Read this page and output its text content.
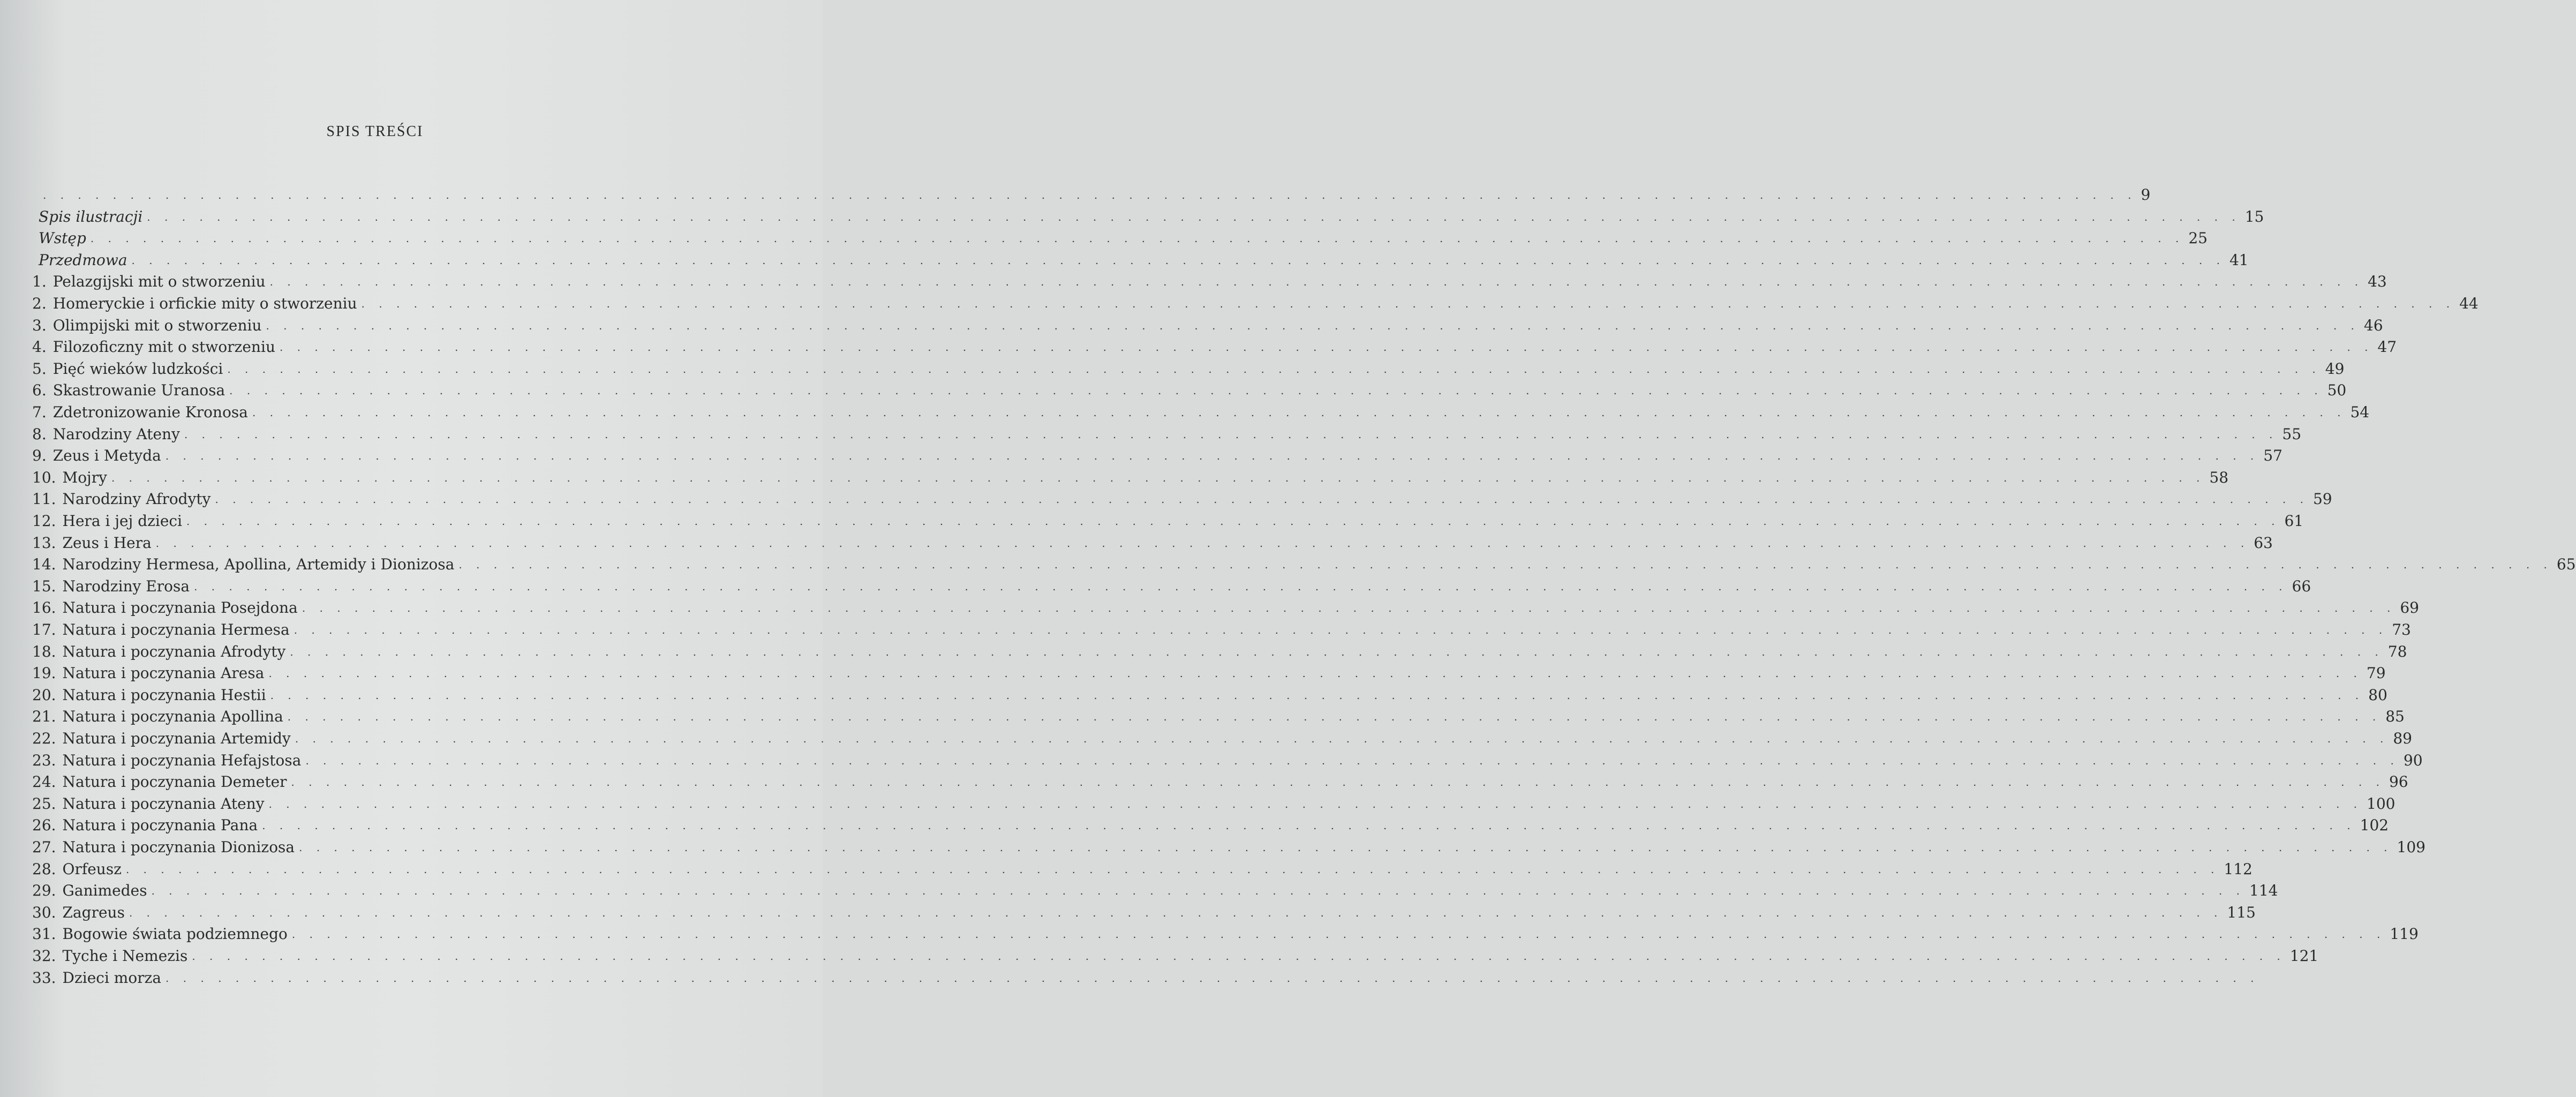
SPIS TREŚCI
. . . . . . . . . . . . . . . . . . . . . . . . . . . . . . . . . . . . . . . . . . . . . . . . . . . . . . . . . . . . . . . . . . . . . . . . . . . . . . . . . . . . . . . . . . . . . . . . . . . . . . . . . . . . . . . . . . . . . . . . 9
Spis ilustracji . . . . . . . . . . . . . . . . . . . . . . . . . . . . . . . . . . . . . . . . . . . . . . . . . . . . . . . . . . . . . . . . . . . . . . . . . . . . . . . . . . . . . . . . . . . . . . . . . . . . . . . . . . . . . . . . . . . . . . . . 15
Wstęp . . . . . . . . . . . . . . . . . . . . . . . . . . . . . . . . . . . . . . . . . . . . . . . . . . . . . . . . . . . . . . . . . . . . . . . . . . . . . . . . . . . . . . . . . . . . . . . . . . . . . . . . . . . . . . . . . . . . . . . . 25
Przedmowa . . . . . . . . . . . . . . . . . . . . . . . . . . . . . . . . . . . . . . . . . . . . . . . . . . . . . . . . . . . . . . . . . . . . . . . . . . . . . . . . . . . . . . . . . . . . . . . . . . . . . . . . . . . . . . . . . . . . . . . . 41
1. Pelazgijski mit o stworzeniu . . . . . . . . . . . . . . . . . . . . . . . . . . . . . . . . . . . . . . . . . . . . . . . . . . . . . . . . . . . . . . . . . . . . . . . . . . . . . . . . . . . . . . . . . . . . . . . . . . . . . . . . . . . . . . . . . . . . . . . . 43
2. Homeryckie i orfickie mity o stworzeniu . . . . . . . . . . . . . . . . . . . . . . . . . . . . . . . . . . . . . . . . . . . . . . . . . . . . . . . . . . . . . . . . . . . . . . . . . . . . . . . . . . . . . . . . . . . . . . . . . . . . . . . . . . . . . . . . . . . . . . . . 44
3. Olimpijski mit o stworzeniu . . . . . . . . . . . . . . . . . . . . . . . . . . . . . . . . . . . . . . . . . . . . . . . . . . . . . . . . . . . . . . . . . . . . . . . . . . . . . . . . . . . . . . . . . . . . . . . . . . . . . . . . . . . . . . . . . . . . . . . . 46
4. Filozoficzny mit o stworzeniu . . . . . . . . . . . . . . . . . . . . . . . . . . . . . . . . . . . . . . . . . . . . . . . . . . . . . . . . . . . . . . . . . . . . . . . . . . . . . . . . . . . . . . . . . . . . . . . . . . . . . . . . . . . . . . . . . . . . . . . . 47
5. Pięć wieków ludzkości . . . . . . . . . . . . . . . . . . . . . . . . . . . . . . . . . . . . . . . . . . . . . . . . . . . . . . . . . . . . . . . . . . . . . . . . . . . . . . . . . . . . . . . . . . . . . . . . . . . . . . . . . . . . . . . . . . . . . . . . 49
6. Skastrowanie Uranosa . . . . . . . . . . . . . . . . . . . . . . . . . . . . . . . . . . . . . . . . . . . . . . . . . . . . . . . . . . . . . . . . . . . . . . . . . . . . . . . . . . . . . . . . . . . . . . . . . . . . . . . . . . . . . . . . . . . . . . . . 50
7. Zdetronizowanie Kronosa . . . . . . . . . . . . . . . . . . . . . . . . . . . . . . . . . . . . . . . . . . . . . . . . . . . . . . . . . . . . . . . . . . . . . . . . . . . . . . . . . . . . . . . . . . . . . . . . . . . . . . . . . . . . . . . . . . . . . . . . 54
8. Narodziny Ateny . . . . . . . . . . . . . . . . . . . . . . . . . . . . . . . . . . . . . . . . . . . . . . . . . . . . . . . . . . . . . . . . . . . . . . . . . . . . . . . . . . . . . . . . . . . . . . . . . . . . . . . . . . . . . . . . . . . . . . . . 55
9. Zeus i Metyda . . . . . . . . . . . . . . . . . . . . . . . . . . . . . . . . . . . . . . . . . . . . . . . . . . . . . . . . . . . . . . . . . . . . . . . . . . . . . . . . . . . . . . . . . . . . . . . . . . . . . . . . . . . . . . . . . . . . . . . . 57
10. Mojry . . . . . . . . . . . . . . . . . . . . . . . . . . . . . . . . . . . . . . . . . . . . . . . . . . . . . . . . . . . . . . . . . . . . . . . . . . . . . . . . . . . . . . . . . . . . . . . . . . . . . . . . . . . . . . . . . . . . . . . . 58
11. Narodziny Afrodyty . . . . . . . . . . . . . . . . . . . . . . . . . . . . . . . . . . . . . . . . . . . . . . . . . . . . . . . . . . . . . . . . . . . . . . . . . . . . . . . . . . . . . . . . . . . . . . . . . . . . . . . . . . . . . . . . . . . . . . . . 59
12. Hera i jej dzieci . . . . . . . . . . . . . . . . . . . . . . . . . . . . . . . . . . . . . . . . . . . . . . . . . . . . . . . . . . . . . . . . . . . . . . . . . . . . . . . . . . . . . . . . . . . . . . . . . . . . . . . . . . . . . . . . . . . . . . . . 61
13. Zeus i Hera . . . . . . . . . . . . . . . . . . . . . . . . . . . . . . . . . . . . . . . . . . . . . . . . . . . . . . . . . . . . . . . . . . . . . . . . . . . . . . . . . . . . . . . . . . . . . . . . . . . . . . . . . . . . . . . . . . . . . . . . 63
14. Narodziny Hermesa, Apollina, Artemidy i Dionizosa . . . . . . . . . . . . . . . . . . . . . . . . . . . . . . . . . . . . . . . . . . . . . . . . . . . . . . . . . . . . . . . . . . . . . . . . . . . . . . . . . . . . . . . . . . . . . . . . . . . . . . . . . . . . . . . . . . . . . . . . 65
15. Narodziny Erosa . . . . . . . . . . . . . . . . . . . . . . . . . . . . . . . . . . . . . . . . . . . . . . . . . . . . . . . . . . . . . . . . . . . . . . . . . . . . . . . . . . . . . . . . . . . . . . . . . . . . . . . . . . . . . . . . . . . . . . . . 66
16. Natura i poczynania Posejdona . . . . . . . . . . . . . . . . . . . . . . . . . . . . . . . . . . . . . . . . . . . . . . . . . . . . . . . . . . . . . . . . . . . . . . . . . . . . . . . . . . . . . . . . . . . . . . . . . . . . . . . . . . . . . . . . . . . . . . . . 69
17. Natura i poczynania Hermesa . . . . . . . . . . . . . . . . . . . . . . . . . . . . . . . . . . . . . . . . . . . . . . . . . . . . . . . . . . . . . . . . . . . . . . . . . . . . . . . . . . . . . . . . . . . . . . . . . . . . . . . . . . . . . . . . . . . . . . . . 73
18. Natura i poczynania Afrodyty . . . . . . . . . . . . . . . . . . . . . . . . . . . . . . . . . . . . . . . . . . . . . . . . . . . . . . . . . . . . . . . . . . . . . . . . . . . . . . . . . . . . . . . . . . . . . . . . . . . . . . . . . . . . . . . . . . . . . . . . 78
19. Natura i poczynania Aresa . . . . . . . . . . . . . . . . . . . . . . . . . . . . . . . . . . . . . . . . . . . . . . . . . . . . . . . . . . . . . . . . . . . . . . . . . . . . . . . . . . . . . . . . . . . . . . . . . . . . . . . . . . . . . . . . . . . . . . . . 79
20. Natura i poczynania Hestii . . . . . . . . . . . . . . . . . . . . . . . . . . . . . . . . . . . . . . . . . . . . . . . . . . . . . . . . . . . . . . . . . . . . . . . . . . . . . . . . . . . . . . . . . . . . . . . . . . . . . . . . . . . . . . . . . . . . . . . . 80
21. Natura i poczynania Apollina . . . . . . . . . . . . . . . . . . . . . . . . . . . . . . . . . . . . . . . . . . . . . . . . . . . . . . . . . . . . . . . . . . . . . . . . . . . . . . . . . . . . . . . . . . . . . . . . . . . . . . . . . . . . . . . . . . . . . . . . 85
22. Natura i poczynania Artemidy . . . . . . . . . . . . . . . . . . . . . . . . . . . . . . . . . . . . . . . . . . . . . . . . . . . . . . . . . . . . . . . . . . . . . . . . . . . . . . . . . . . . . . . . . . . . . . . . . . . . . . . . . . . . . . . . . . . . . . . . 89
23. Natura i poczynania Hefajstosa . . . . . . . . . . . . . . . . . . . . . . . . . . . . . . . . . . . . . . . . . . . . . . . . . . . . . . . . . . . . . . . . . . . . . . . . . . . . . . . . . . . . . . . . . . . . . . . . . . . . . . . . . . . . . . . . . . . . . . . . 90
24. Natura i poczynania Demeter . . . . . . . . . . . . . . . . . . . . . . . . . . . . . . . . . . . . . . . . . . . . . . . . . . . . . . . . . . . . . . . . . . . . . . . . . . . . . . . . . . . . . . . . . . . . . . . . . . . . . . . . . . . . . . . . . . . . . . . . 96
25. Natura i poczynania Ateny . . . . . . . . . . . . . . . . . . . . . . . . . . . . . . . . . . . . . . . . . . . . . . . . . . . . . . . . . . . . . . . . . . . . . . . . . . . . . . . . . . . . . . . . . . . . . . . . . . . . . . . . . . . . . . . . . . . . . . . . 100
26. Natura i poczynania Pana . . . . . . . . . . . . . . . . . . . . . . . . . . . . . . . . . . . . . . . . . . . . . . . . . . . . . . . . . . . . . . . . . . . . . . . . . . . . . . . . . . . . . . . . . . . . . . . . . . . . . . . . . . . . . . . . . . . . . . . . 102
27. Natura i poczynania Dionizosa . . . . . . . . . . . . . . . . . . . . . . . . . . . . . . . . . . . . . . . . . . . . . . . . . . . . . . . . . . . . . . . . . . . . . . . . . . . . . . . . . . . . . . . . . . . . . . . . . . . . . . . . . . . . . . . . . . . . . . . . 109
28. Orfeusz . . . . . . . . . . . . . . . . . . . . . . . . . . . . . . . . . . . . . . . . . . . . . . . . . . . . . . . . . . . . . . . . . . . . . . . . . . . . . . . . . . . . . . . . . . . . . . . . . . . . . . . . . . . . . . . . . . . . . . . . 112
29. Ganimedes . . . . . . . . . . . . . . . . . . . . . . . . . . . . . . . . . . . . . . . . . . . . . . . . . . . . . . . . . . . . . . . . . . . . . . . . . . . . . . . . . . . . . . . . . . . . . . . . . . . . . . . . . . . . . . . . . . . . . . . . 114
30. Zagreus . . . . . . . . . . . . . . . . . . . . . . . . . . . . . . . . . . . . . . . . . . . . . . . . . . . . . . . . . . . . . . . . . . . . . . . . . . . . . . . . . . . . . . . . . . . . . . . . . . . . . . . . . . . . . . . . . . . . . . . . 115
31. Bogowie świata podziemnego . . . . . . . . . . . . . . . . . . . . . . . . . . . . . . . . . . . . . . . . . . . . . . . . . . . . . . . . . . . . . . . . . . . . . . . . . . . . . . . . . . . . . . . . . . . . . . . . . . . . . . . . . . . . . . . . . . . . . . . . 119
32. Tyche i Nemezis . . . . . . . . . . . . . . . . . . . . . . . . . . . . . . . . . . . . . . . . . . . . . . . . . . . . . . . . . . . . . . . . . . . . . . . . . . . . . . . . . . . . . . . . . . . . . . . . . . . . . . . . . . . . . . . . . . . . . . . . 121
33. Dzieci morza . . . . . . . . . . . . . . . . . . . . . . . . . . . . . . . . . . . . . . . . . . . . . . . . . . . . . . . . . . . . . . . . . . . . . . . . . . . . . . . . . . . . . . . . . . . . . . . . . . . . . . . . . . . . . . . . . . . . . . . .
